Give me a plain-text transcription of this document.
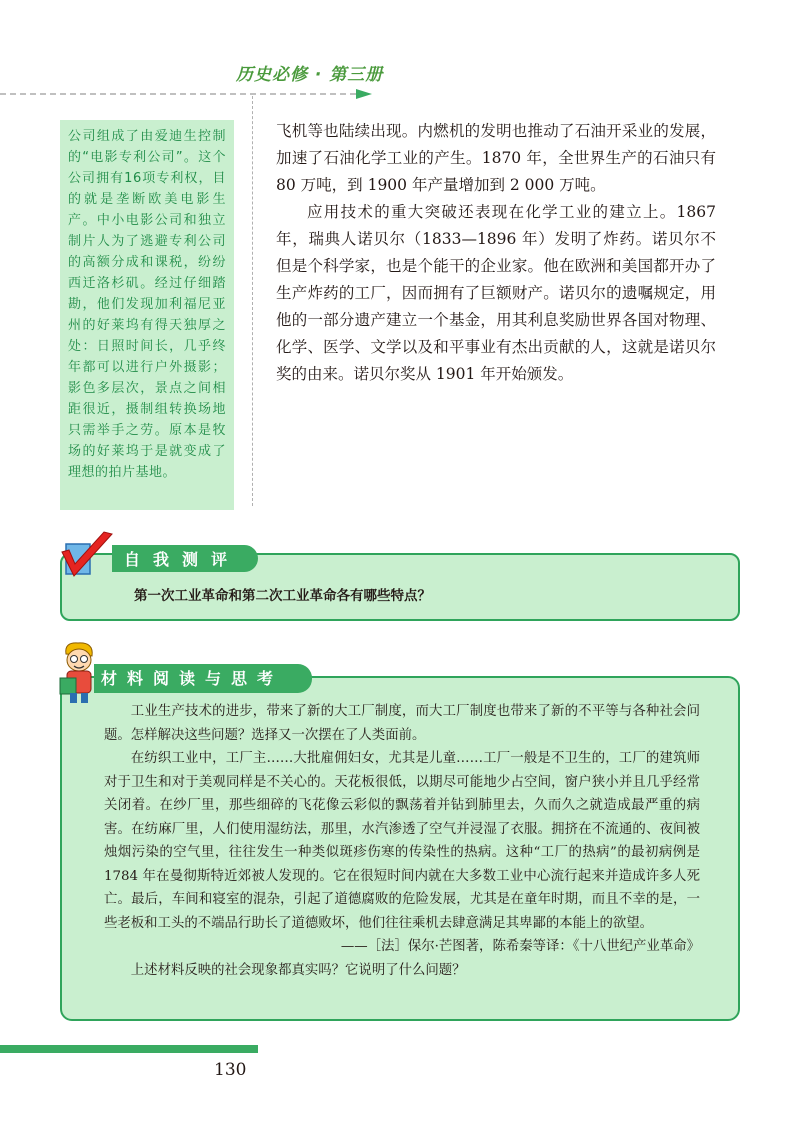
历史必修 · 第三册
公司组成了由爱迪生控制的“电影专利公司”。这个公司拥有16项专利权，目的就是垄断欧美电影生产。中小电影公司和独立制片人为了逃避专利公司的高额分成和课税，纷纷西迁洛杉矶。经过仔细踏勘，他们发现加利福尼亚州的好莱坞有得天独厚之处：日照时间长，几乎终年都可以进行户外摄影；影色多层次，景点之间相距很近，摄制组转换场地只需举手之劳。原本是牧场的好莱坞于是就变成了理想的拍片基地。

飞机等也陆续出现。内燃机的发明也推动了石油开采业的发展，加速了石油化学工业的产生。1870 年，全世界生产的石油只有 80 万吨，到 1900 年产量增加到 2 000 万吨。

应用技术的重大突破还表现在化学工业的建立上。1867 年，瑞典人诺贝尔（1833—1896 年）发明了炸药。诺贝尔不但是个科学家，也是个能干的企业家。他在欧洲和美国都开办了生产炸药的工厂，因而拥有了巨额财产。诺贝尔的遗嘱规定，用他的一部分遗产建立一个基金，用其利息奖励世界各国对物理、化学、医学、文学以及和平事业有杰出贡献的人，这就是诺贝尔奖的由来。诺贝尔奖从 1901 年开始颁发。

自我测评
第一次工业革命和第二次工业革命各有哪些特点？
材料阅读与思考

工业生产技术的进步，带来了新的大工厂制度，而大工厂制度也带来了新的不平等与各种社会问题。怎样解决这些问题？选择又一次摆在了人类面前。

在纺织工业中，工厂主……大批雇佣妇女，尤其是儿童……工厂一般是不卫生的，工厂的建筑师对于卫生和对于美观同样是不关心的。天花板很低，以期尽可能地少占空间，窗户狭小并且几乎经常关闭着。在纱厂里，那些细碎的飞花像云彩似的飘荡着并钻到肺里去，久而久之就造成最严重的病害。在纺麻厂里，人们使用湿纺法，那里，水汽渗透了空气并浸湿了衣服。拥挤在不流通的、夜间被烛烟污染的空气里，往往发生一种类似斑疹伤寒的传染性的热病。这种“工厂的热病”的最初病例是 1784 年在曼彻斯特近郊被人发现的。它在很短时间内就在大多数工业中心流行起来并造成许多人死亡。最后，车间和寝室的混杂，引起了道德腐败的危险发展，尤其是在童年时期，而且不幸的是，一些老板和工头的不端品行助长了道德败坏，他们往往乘机去肆意满足其卑鄙的本能上的欲望。

——［法］保尔·芒图著，陈希秦等译：《十八世纪产业革命》

上述材料反映的社会现象都真实吗？它说明了什么问题？

130
